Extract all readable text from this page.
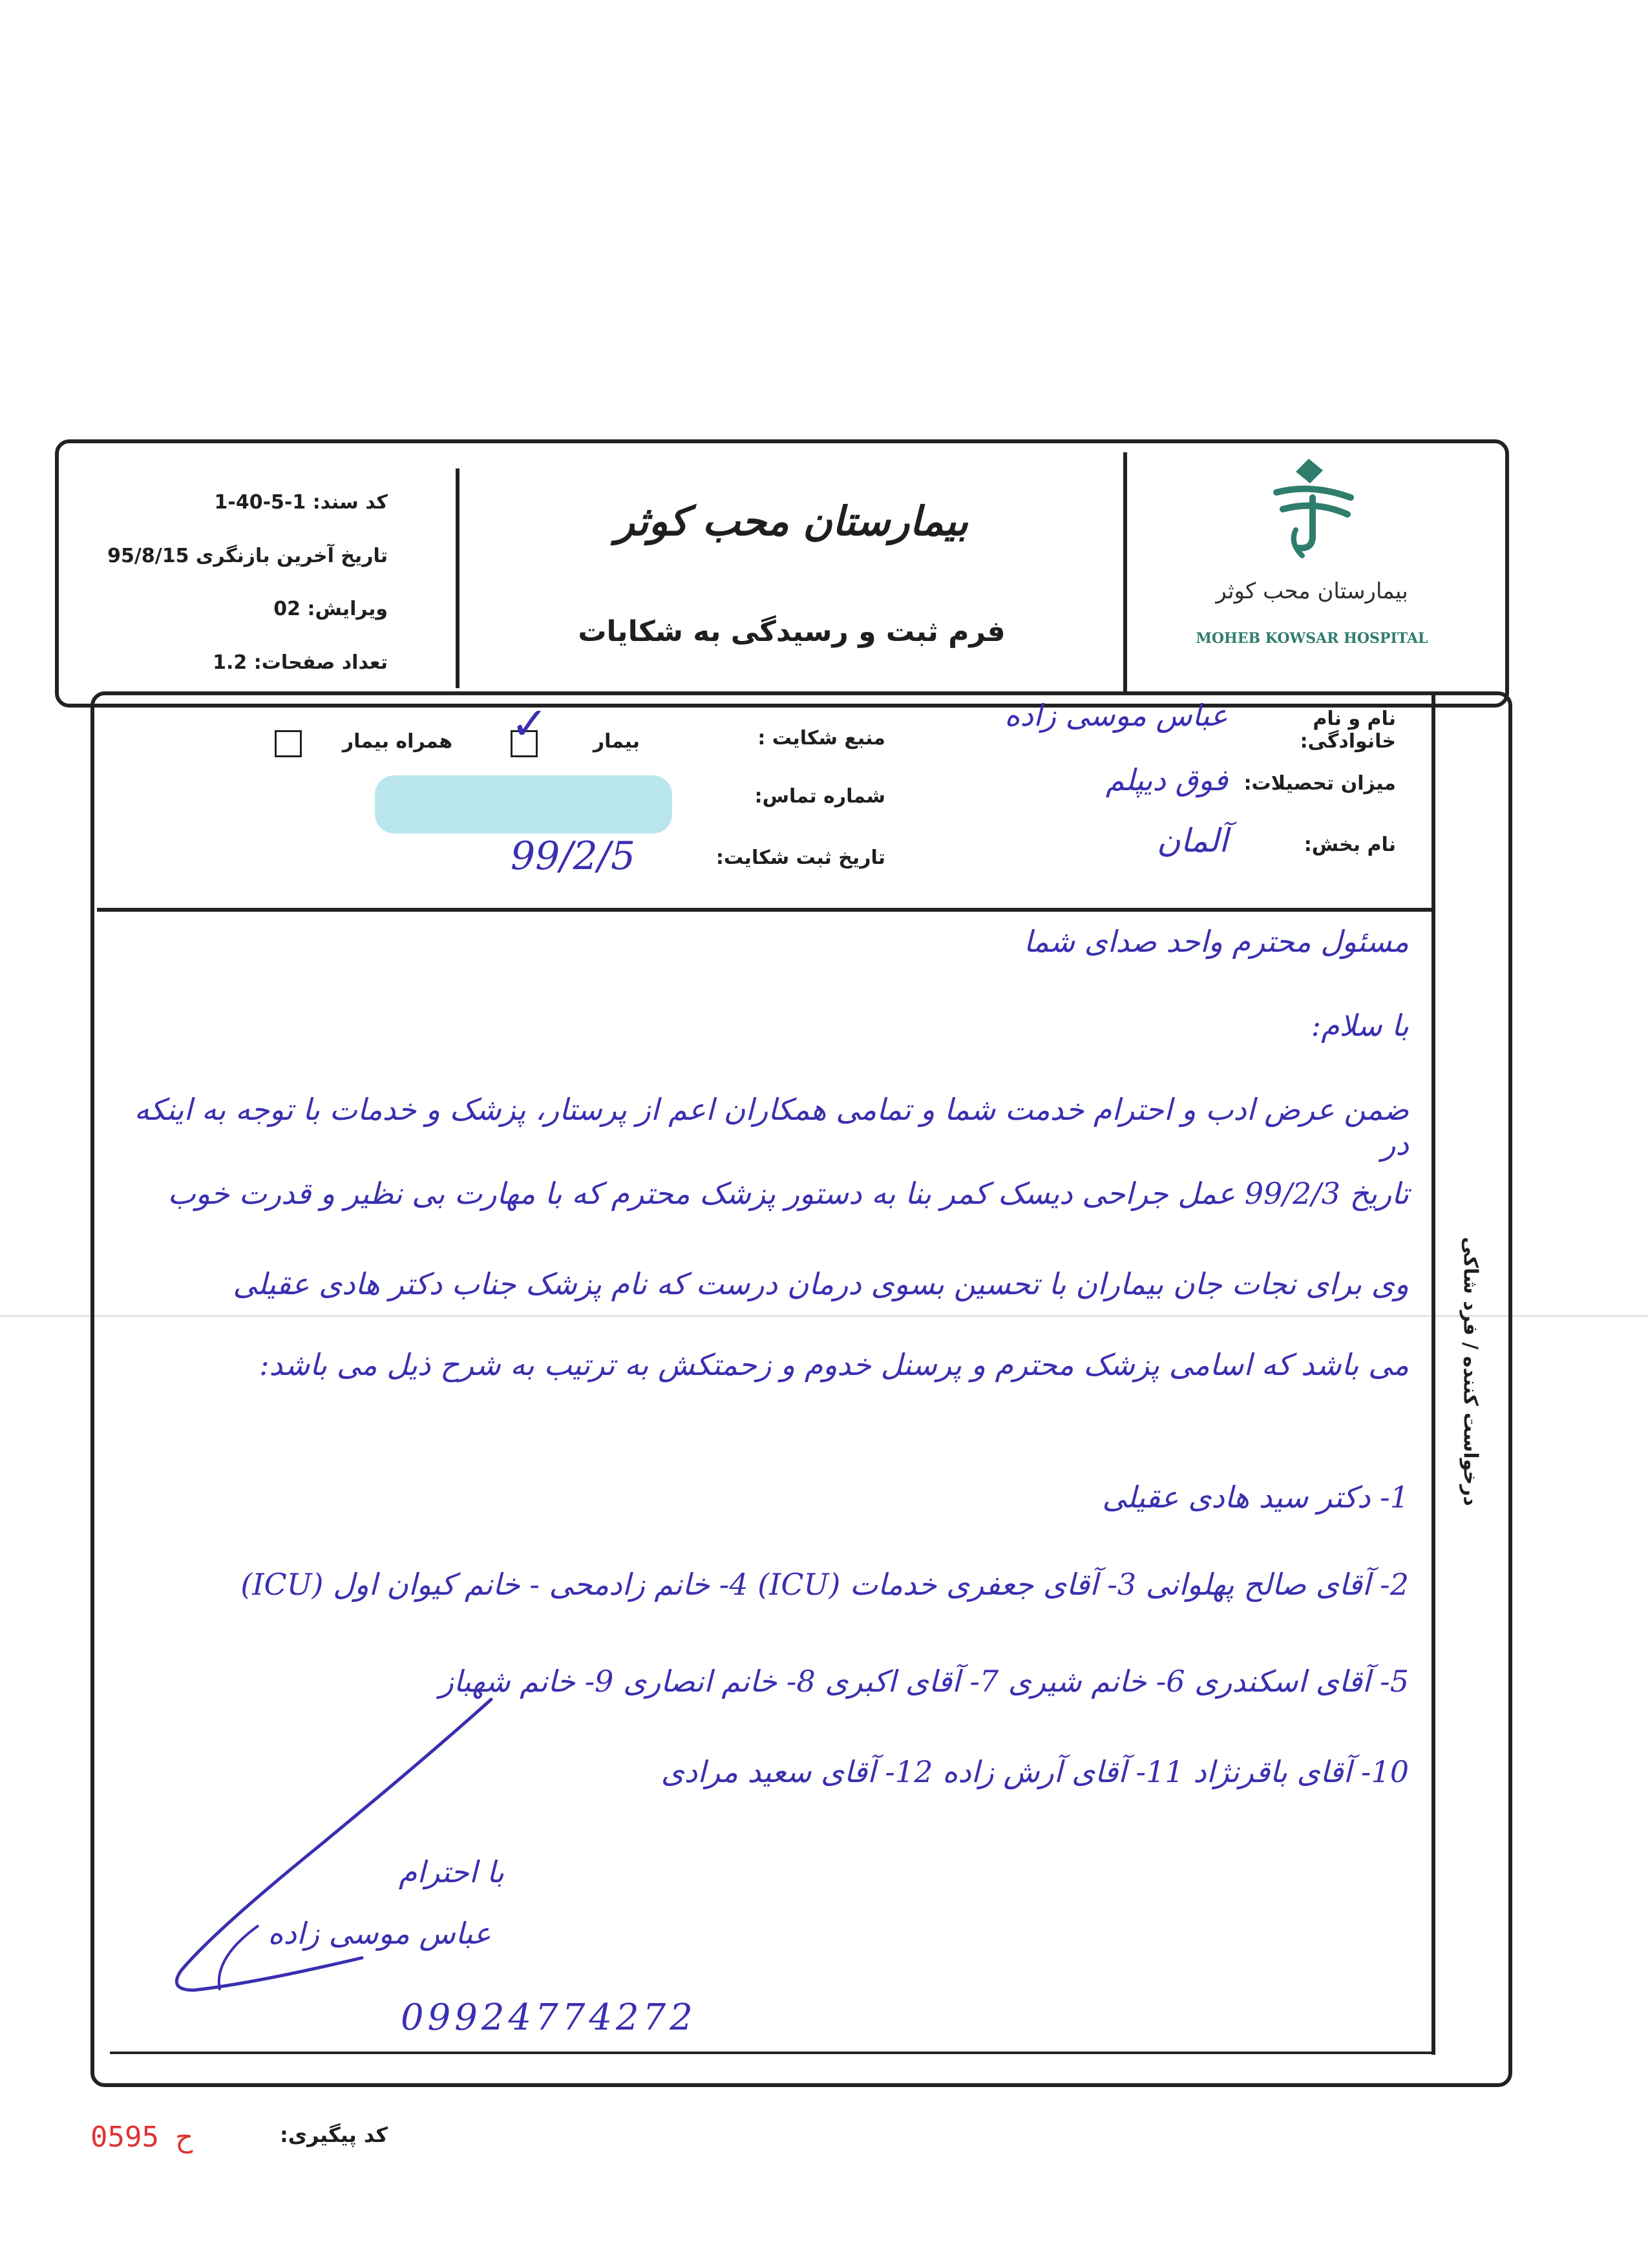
بیمارستان محب کوثر
MOHEB KOWSAR HOSPITAL
بیمارستان محب کوثر
فرم ثبت و رسیدگی به شکایات
کد سند: 1-40-5-1
تاریخ آخرین بازنگری 95/8/15
ویرایش: 02
تعداد صفحات: 1.2
درخواست کننده / فرد شاکی
نام و نام خانوادگی:
عباس موسی زاده
میزان تحصیلات:
فوق دیپلم
نام بخش:
آلمان
منبع شکایت :
شماره تماس:
تاریخ ثبت شکایت:
99/2/5
بیمار
✓
همراه بیمار
مسئول محترم واحد صدای شما
با سلام:
ضمن عرض ادب و احترام خدمت شما و تمامی همکاران اعم از پرستار، پزشک و خدمات با توجه به اینکه در
تاریخ 99/2/3 عمل جراحی دیسک کمر بنا به دستور پزشک محترم که با مهارت بی نظیر و قدرت خوب
وی برای نجات جان بیماران با تحسین بسوی درمان درست که نام پزشک جناب دکتر هادی عقیلی
می باشد که اسامی پزشک محترم و پرسنل خدوم و زحمتکش به ترتیب به شرح ذیل می باشد:
1- دکتر سید هادی عقیلی
2- آقای صالح پهلوانی 3- آقای جعفری خدمات (ICU) 4- خانم زادمحی - خانم کیوان اول (ICU)
5- آقای اسکندری 6- خانم شیری 7- آقای اکبری 8- خانم انصاری 9- خانم شهباز
10- آقای باقرنژاد 11- آقای آرش زاده 12- آقای سعید مرادی
با احترام
عباس موسی زاده
09924774272
کد پیگیری:
ح 0595
